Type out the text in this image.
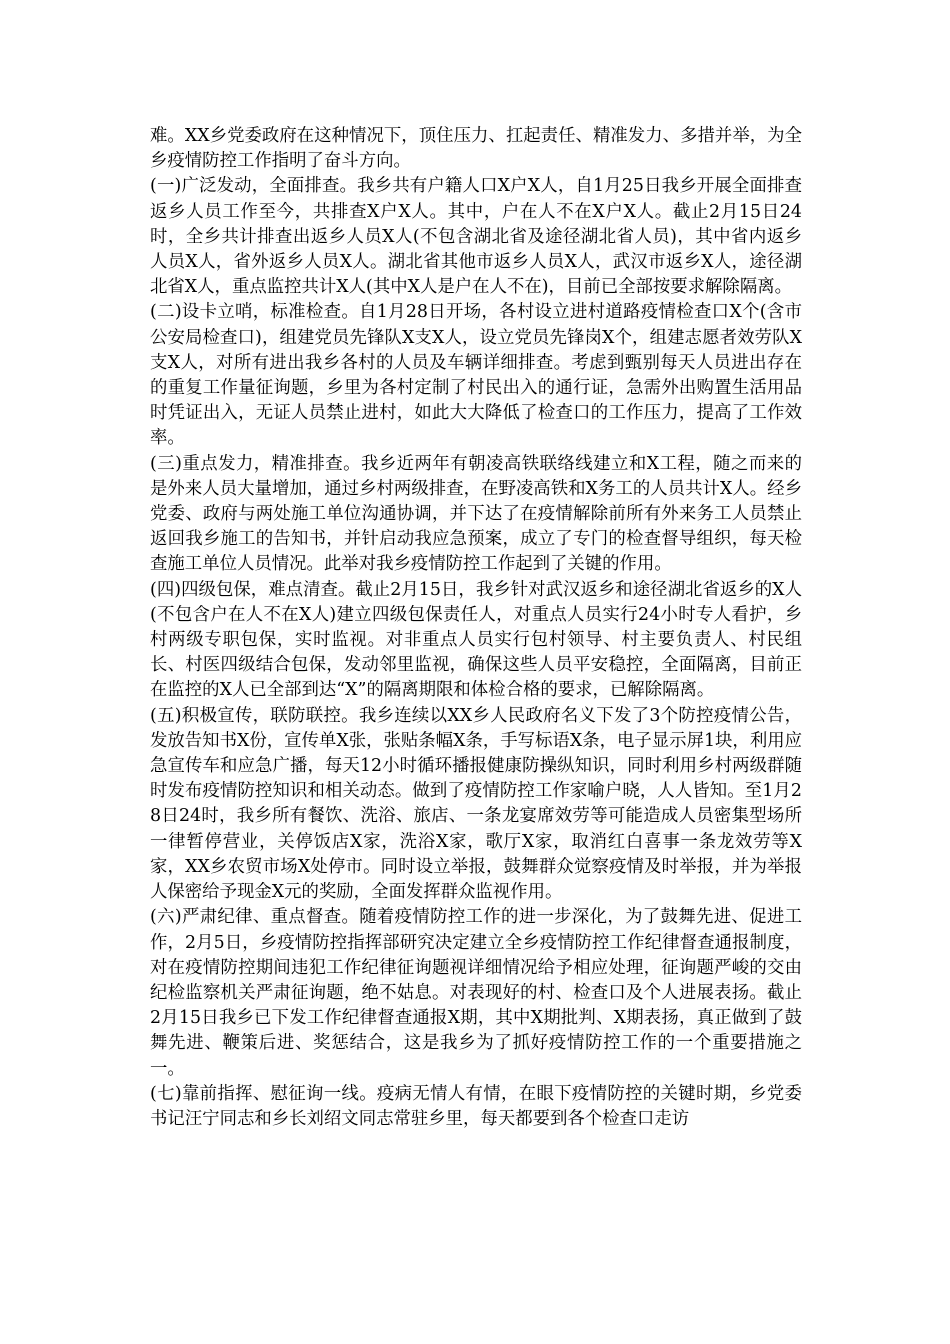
难。XX乡党委政府在这种情况下，顶住压力、扛起责任、精准发力、多措并举，为全乡疫情防控工作指明了奋斗方向。

(一)广泛发动，全面排查。我乡共有户籍人口X户X人，自1月25日我乡开展全面排查返乡人员工作至今，共排查X户X人。其中，户在人不在X户X人。截止2月15日24时，全乡共计排查出返乡人员X人(不包含湖北省及途径湖北省人员)，其中省内返乡人员X人，省外返乡人员X人。湖北省其他市返乡人员X人，武汉市返乡X人，途径湖北省X人，重点监控共计X人(其中X人是户在人不在)，目前已全部按要求解除隔离。

(二)设卡立哨，标准检查。自1月28日开场，各村设立进村道路疫情检查口X个(含市公安局检查口)，组建党员先锋队X支X人，设立党员先锋岗X个，组建志愿者效劳队X支X人，对所有进出我乡各村的人员及车辆详细排查。考虑到甄别每天人员进出存在的重复工作量征询题，乡里为各村定制了村民出入的通行证，急需外出购置生活用品时凭证出入，无证人员禁止进村，如此大大降低了检查口的工作压力，提高了工作效率。

(三)重点发力，精准排查。我乡近两年有朝凌高铁联络线建立和X工程，随之而来的是外来人员大量增加，通过乡村两级排查，在野凌高铁和X务工的人员共计X人。经乡党委、政府与两处施工单位沟通协调，并下达了在疫情解除前所有外来务工人员禁止返回我乡施工的告知书，并针启动我应急预案，成立了专门的检查督导组织，每天检查施工单位人员情况。此举对我乡疫情防控工作起到了关键的作用。

(四)四级包保，难点清查。截止2月15日，我乡针对武汉返乡和途径湖北省返乡的X人(不包含户在人不在X人)建立四级包保责任人，对重点人员实行24小时专人看护，乡村两级专职包保，实时监视。对非重点人员实行包村领导、村主要负责人、村民组长、村医四级结合包保，发动邻里监视，确保这些人员平安稳控，全面隔离，目前正在监控的X人已全部到达“X”的隔离期限和体检合格的要求，已解除隔离。

(五)积极宣传，联防联控。我乡连续以XX乡人民政府名义下发了3个防控疫情公告，发放告知书X份，宣传单X张，张贴条幅X条，手写标语X条，电子显示屏1块，利用应急宣传车和应急广播，每天12小时循环播报健康防操纵知识，同时利用乡村两级群随时发布疫情防控知识和相关动态。做到了疫情防控工作家喻户晓，人人皆知。至1月28日24时，我乡所有餐饮、洗浴、旅店、一条龙宴席效劳等可能造成人员密集型场所一律暂停营业，关停饭店X家，洗浴X家，歌厅X家，取消红白喜事一条龙效劳等X家，XX乡农贸市场X处停市。同时设立举报，鼓舞群众觉察疫情及时举报，并为举报人保密给予现金X元的奖励，全面发挥群众监视作用。

(六)严肃纪律、重点督查。随着疫情防控工作的进一步深化，为了鼓舞先进、促进工作，2月5日，乡疫情防控指挥部研究决定建立全乡疫情防控工作纪律督查通报制度，对在疫情防控期间违犯工作纪律征询题视详细情况给予相应处理，征询题严峻的交由纪检监察机关严肃征询题，绝不姑息。对表现好的村、检查口及个人进展表扬。截止2月15日我乡已下发工作纪律督查通报X期，其中X期批判、X期表扬，真正做到了鼓舞先进、鞭策后进、奖惩结合，这是我乡为了抓好疫情防控工作的一个重要措施之一。

(七)靠前指挥、慰征询一线。疫病无情人有情，在眼下疫情防控的关键时期，乡党委书记汪宁同志和乡长刘绍文同志常驻乡里，每天都要到各个检查口走访
